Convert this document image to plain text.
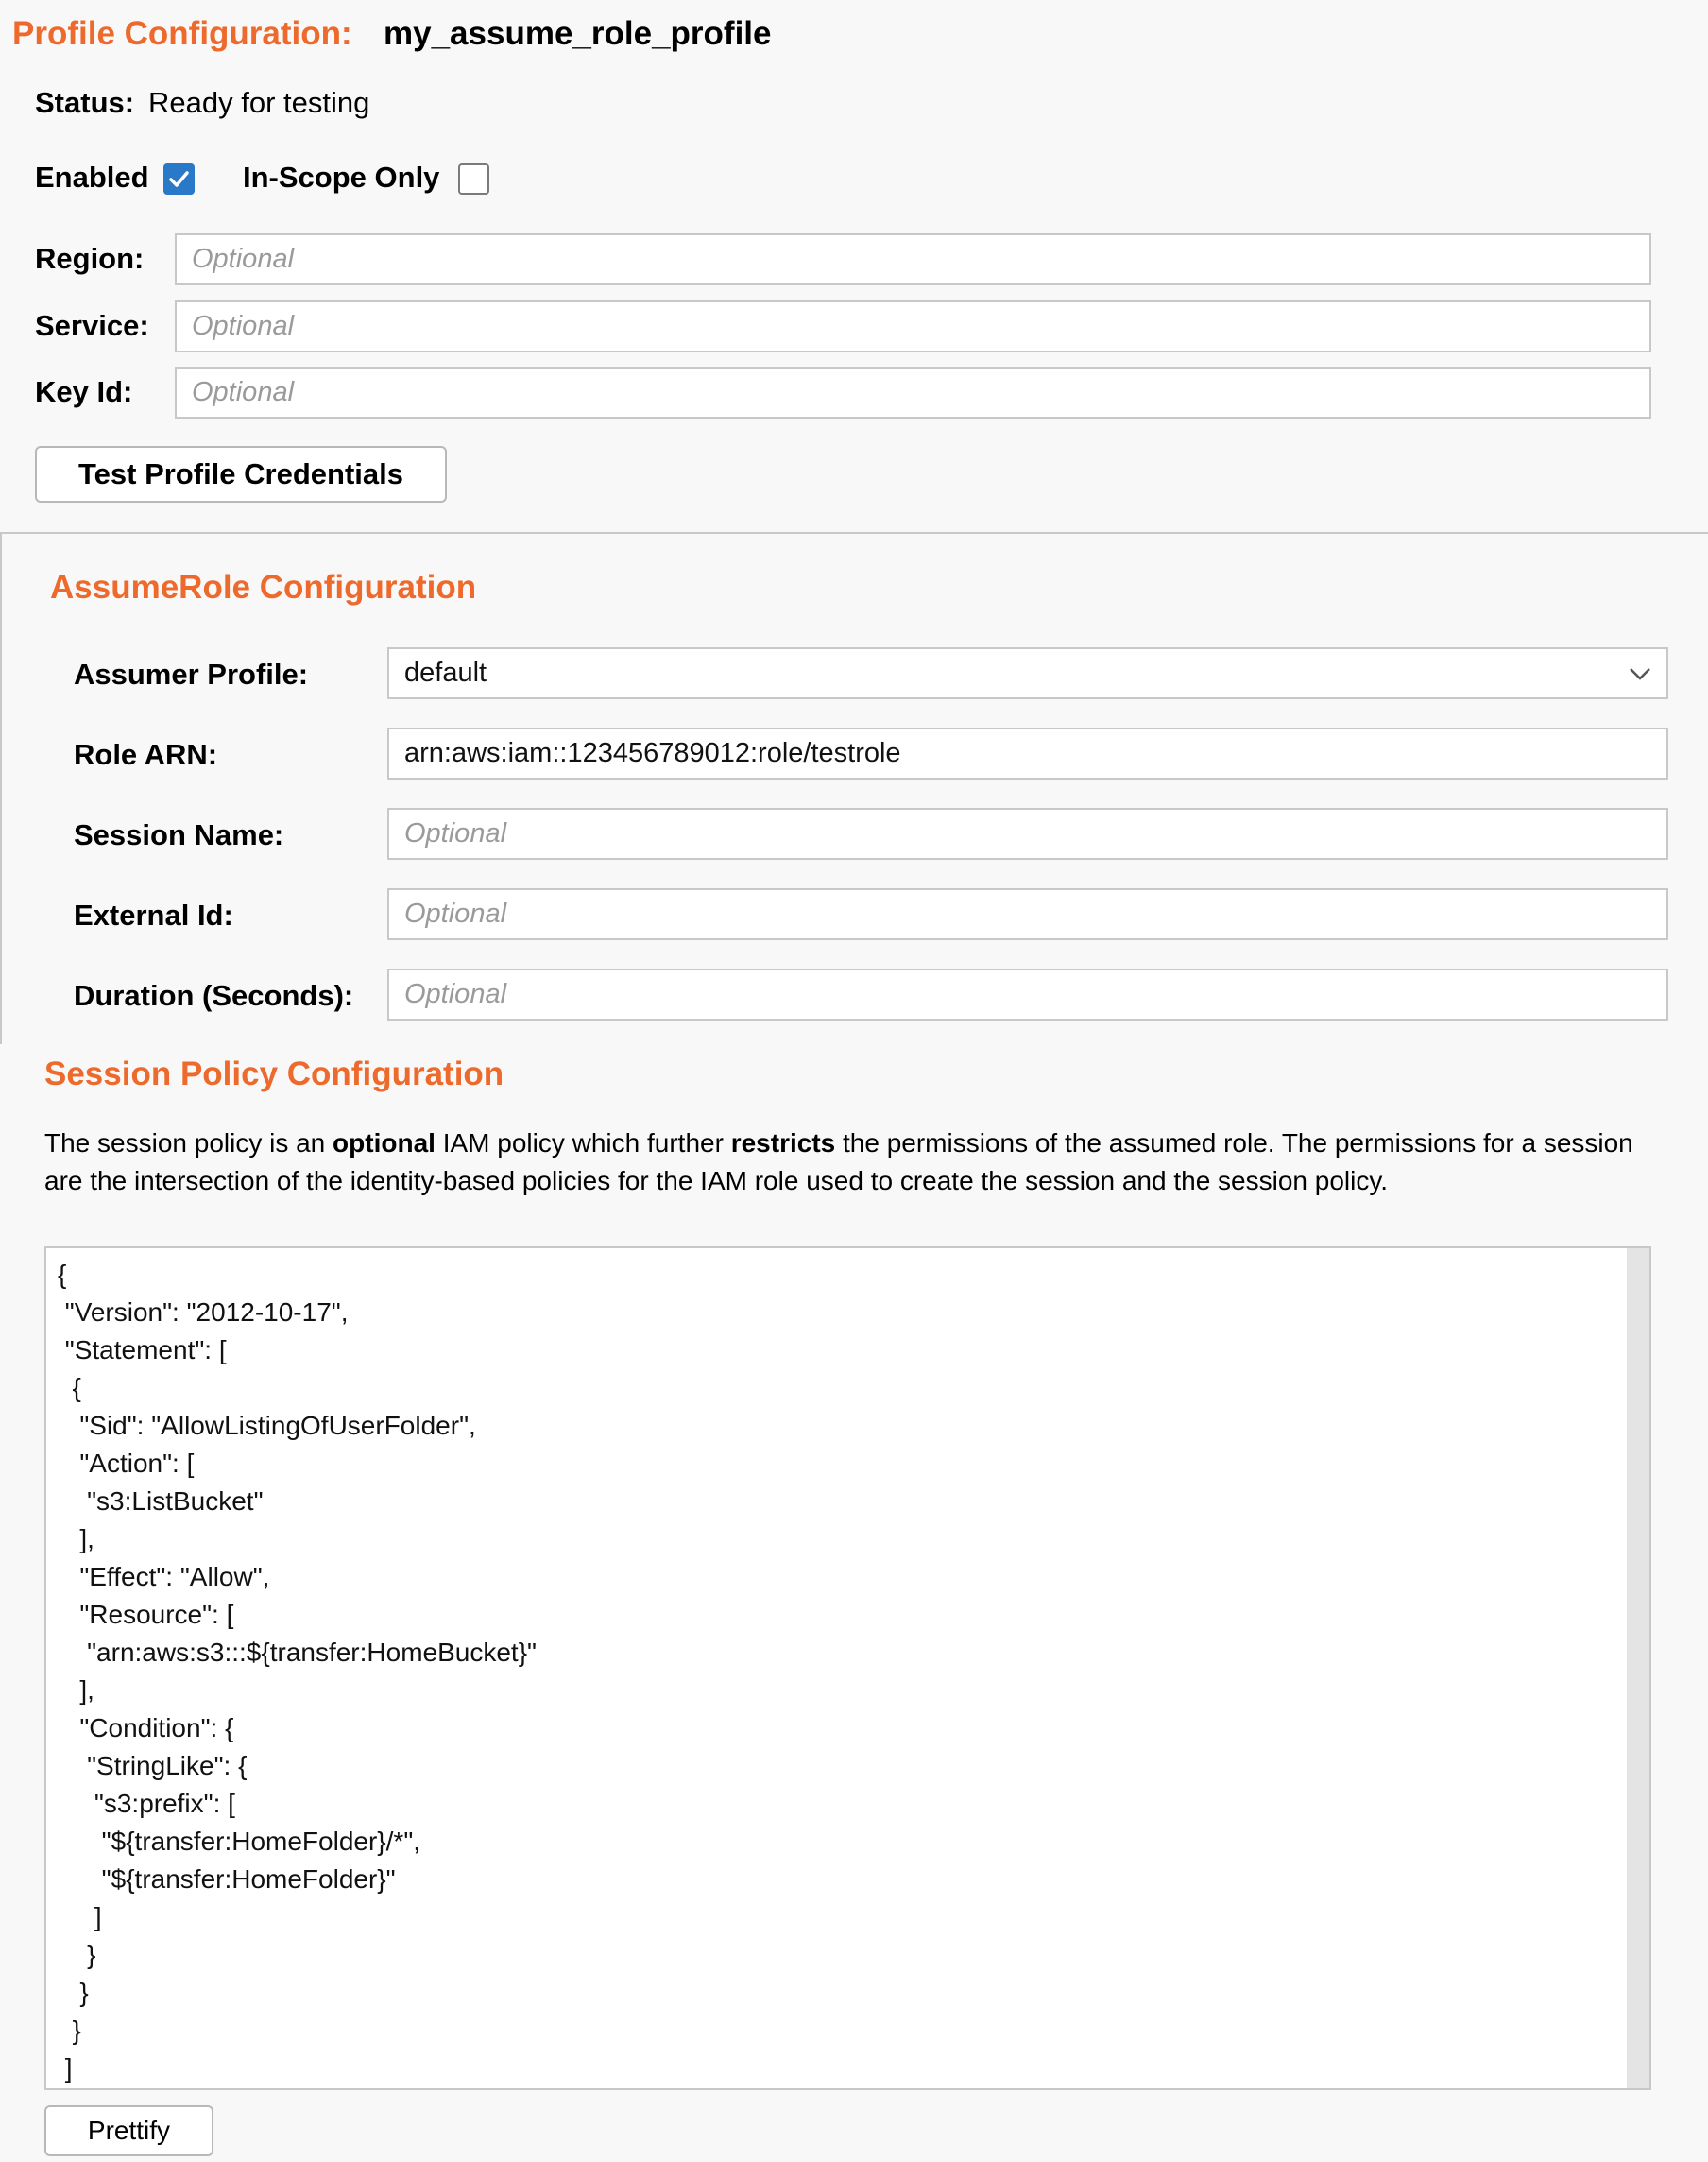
Profile Configuration: my_assume_role_profile
Status: Ready for testing
Enabled	In-Scope Only
Region:	Optional
Service:	Optional
Key Id:	Optional
Test Profile Credentials
AssumeRole Configuration
Assumer Profile:	default
Role ARN:	arn:aws:iam::123456789012:role/testrole
Session Name:	Optional
External Id:	Optional
Duration (Seconds):	Optional
Session Policy Configuration
The session policy is an optional IAM policy which further restricts the permissions of the assumed role. The permissions for a session are the intersection of the identity-based policies for the IAM role used to create the session and the session policy.
{
"Version": "2012-10-17",
"Statement": [
{
"Sid": "AllowListingOfUserFolder",
"Action": [
"s3:ListBucket"
],
"Effect": "Allow",
"Resource": [
"arn:aws:s3:::${transfer:HomeBucket}"
],
"Condition": {
"StringLike": {
"s3:prefix": [
"${transfer:HomeFolder}/*",
"${transfer:HomeFolder}"
]
}
}
}
]
Prettify
